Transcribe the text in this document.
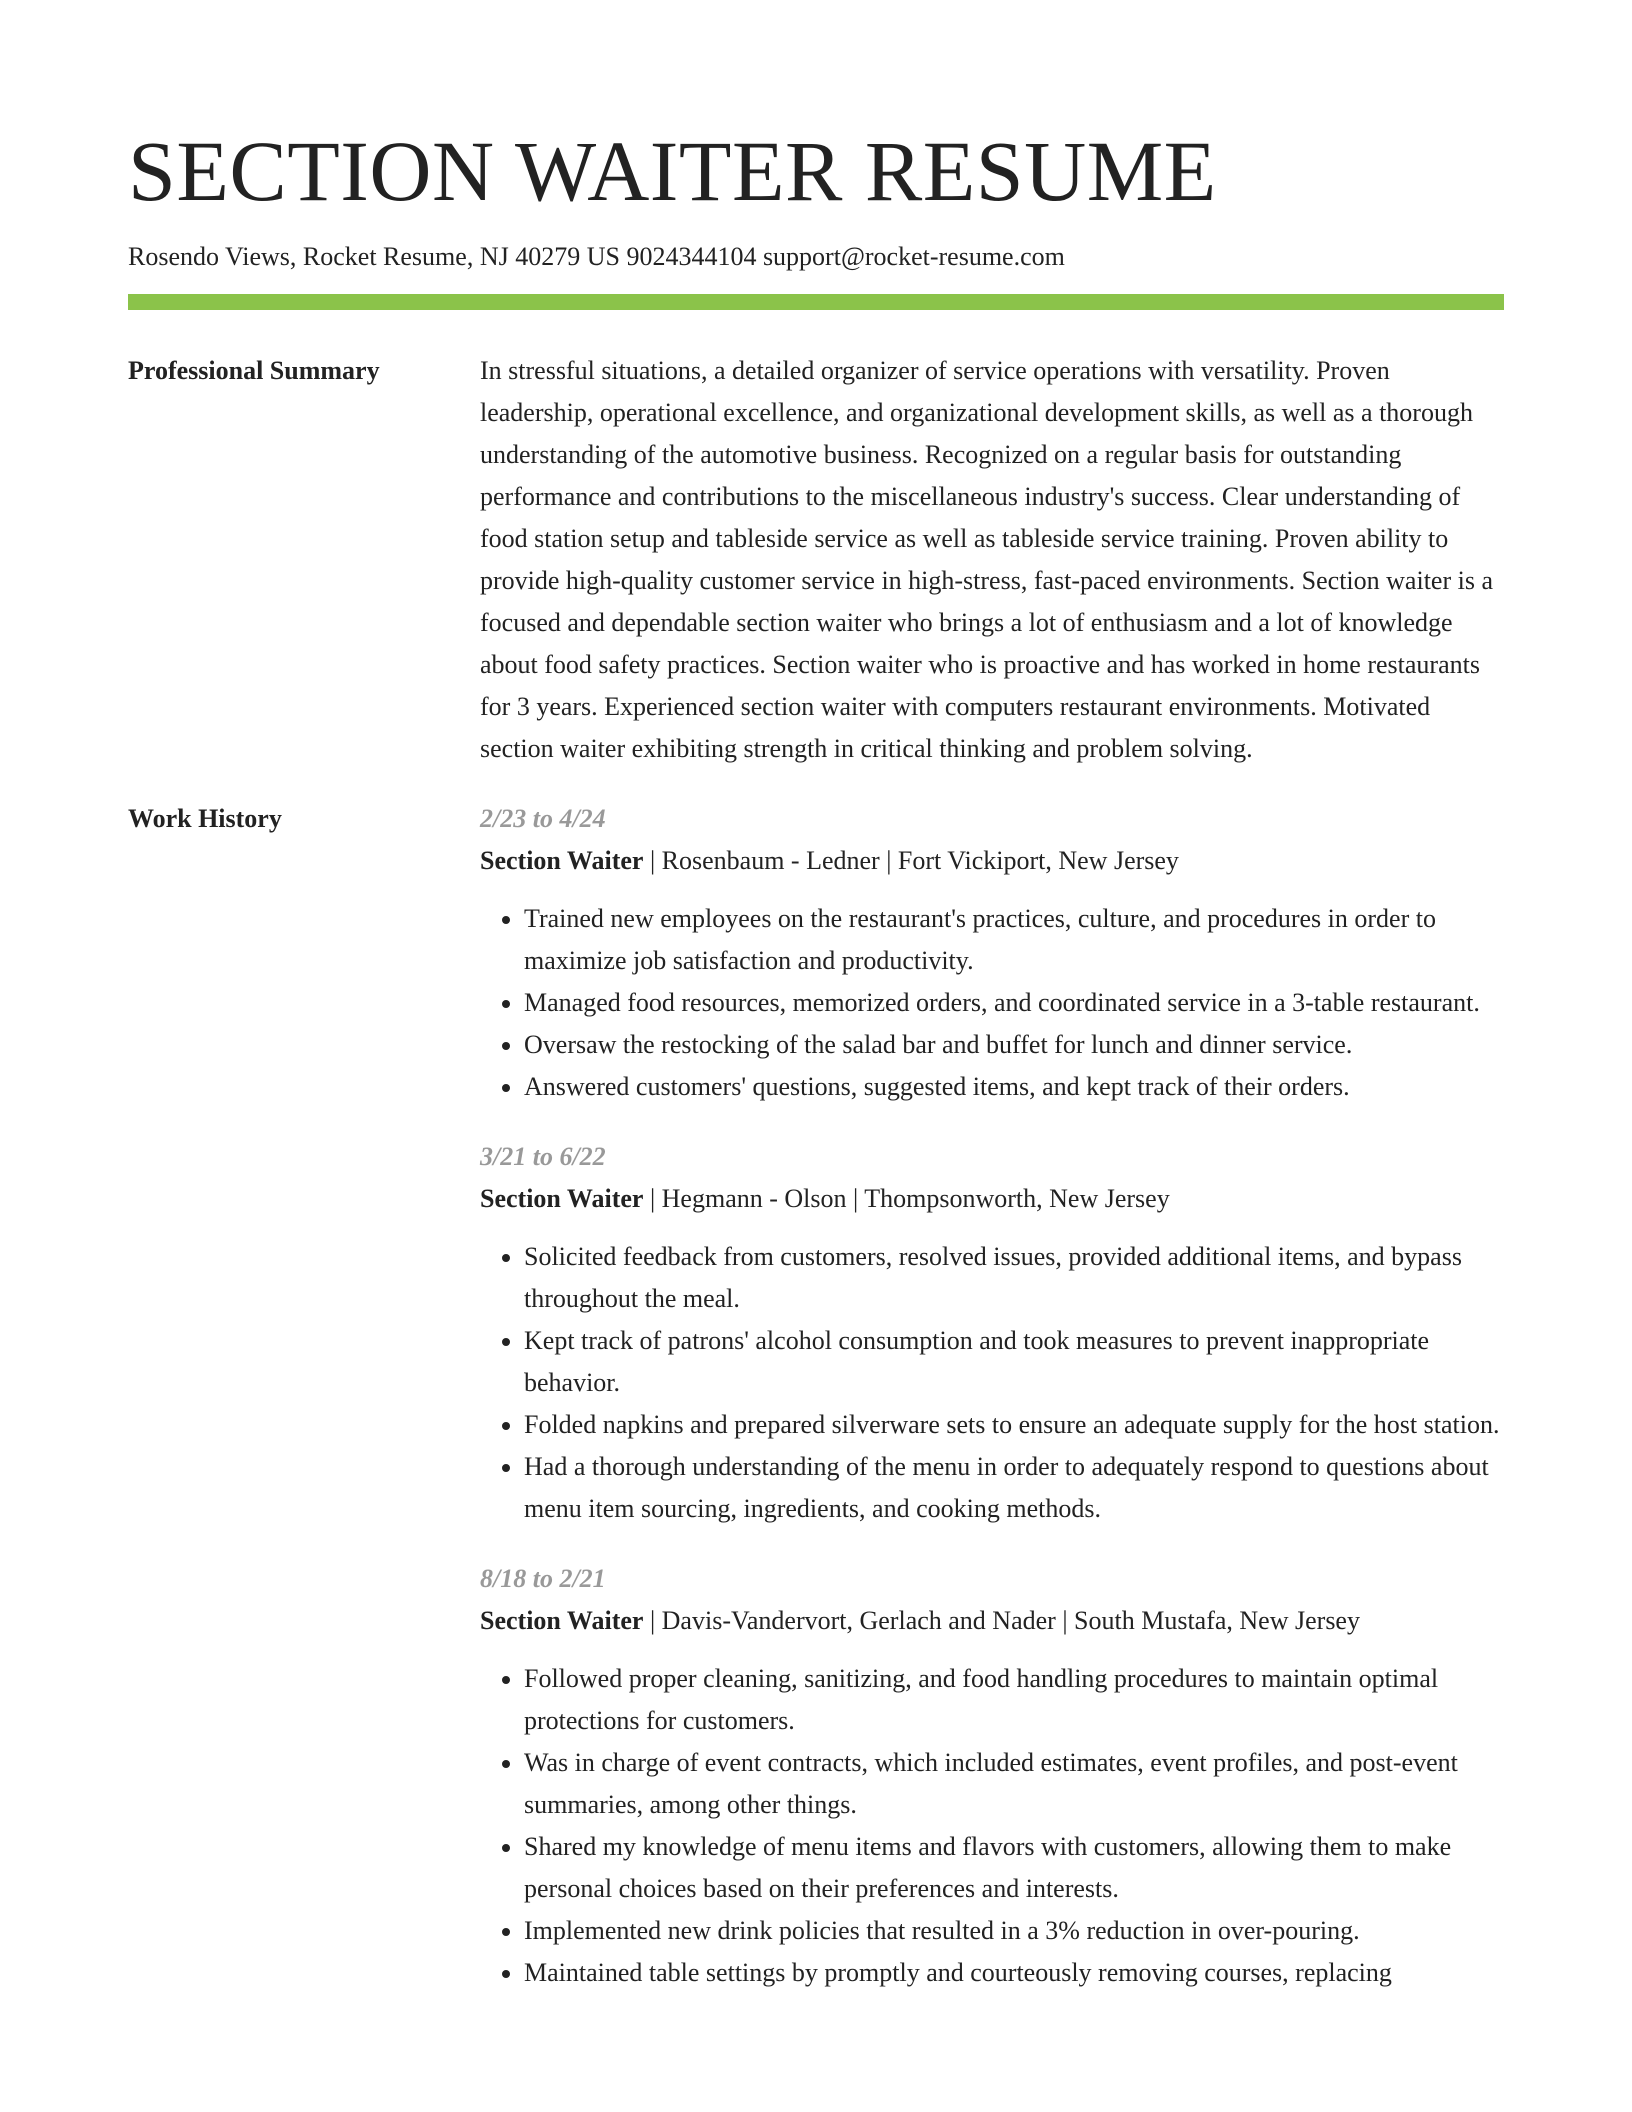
SECTION WAITER RESUME
Rosendo Views, Rocket Resume, NJ 40279 US 9024344104 support@rocket-resume.com
Professional Summary	In stressful situations, a detailed organizer of service operations with versatility. Proven leadership, operational excellence, and organizational development skills, as well as a thorough understanding of the automotive business. Recognized on a regular basis for outstanding performance and contributions to the miscellaneous industry's success. Clear understanding of food station setup and tableside service as well as tableside service training. Proven ability to provide high-quality customer service in high-stress, fast-paced environments. Section waiter is a focused and dependable section waiter who brings a lot of enthusiasm and a lot of knowledge about food safety practices. Section waiter who is proactive and has worked in home restaurants for 3 years. Experienced section waiter with computers restaurant environments. Motivated section waiter exhibiting strength in critical thinking and problem solving.

Work History	2/23 to 4/24
Section Waiter | Rosenbaum - Ledner | Fort Vickiport, New Jersey
• Trained new employees on the restaurant's practices, culture, and procedures in order to maximize job satisfaction and productivity.
• Managed food resources, memorized orders, and coordinated service in a 3-table restaurant.
• Oversaw the restocking of the salad bar and buffet for lunch and dinner service.
• Answered customers' questions, suggested items, and kept track of their orders.
3/21 to 6/22
Section Waiter | Hegmann - Olson | Thompsonworth, New Jersey
• Solicited feedback from customers, resolved issues, provided additional items, and bypass throughout the meal.
• Kept track of patrons' alcohol consumption and took measures to prevent inappropriate behavior.
• Folded napkins and prepared silverware sets to ensure an adequate supply for the host station.
• Had a thorough understanding of the menu in order to adequately respond to questions about menu item sourcing, ingredients, and cooking methods.
8/18 to 2/21
Section Waiter | Davis-Vandervort, Gerlach and Nader | South Mustafa, New Jersey
• Followed proper cleaning, sanitizing, and food handling procedures to maintain optimal protections for customers.
• Was in charge of event contracts, which included estimates, event profiles, and post-event summaries, among other things.
• Shared my knowledge of menu items and flavors with customers, allowing them to make personal choices based on their preferences and interests.
• Implemented new drink policies that resulted in a 3% reduction in over-pouring.
• Maintained table settings by promptly and courteously removing courses, replacing
